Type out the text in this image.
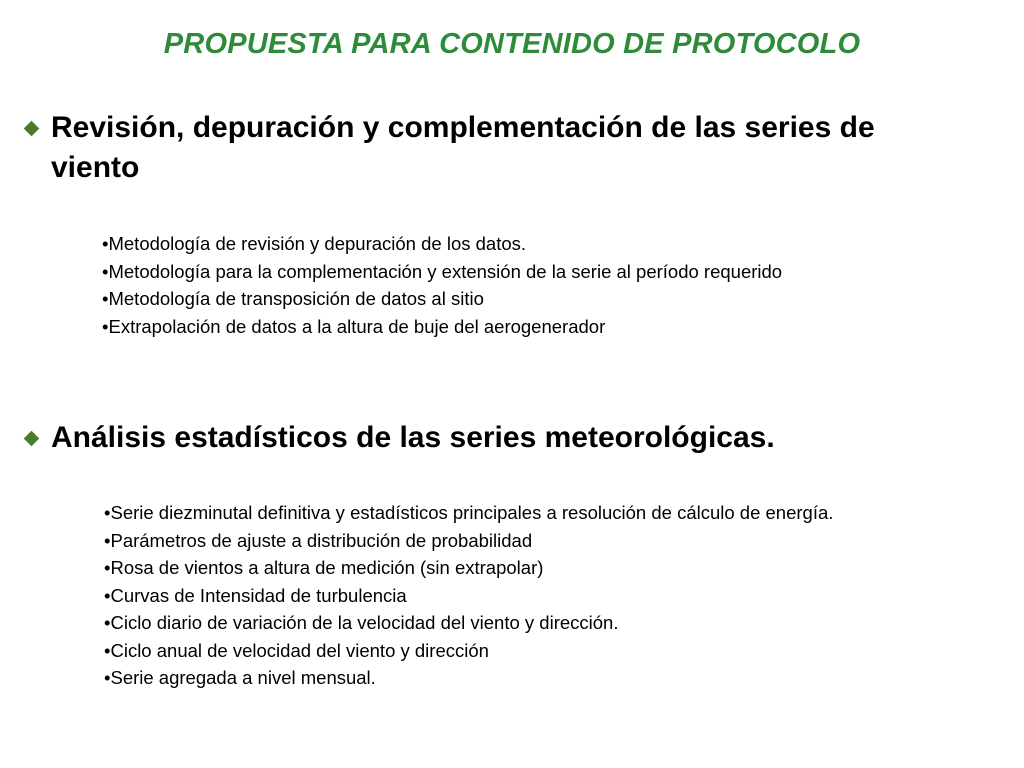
PROPUESTA PARA CONTENIDO DE PROTOCOLO
Revisión, depuración y complementación de las series de viento
•Metodología de revisión y depuración de los datos.
•Metodología para la complementación y extensión de la serie al período requerido
•Metodología de transposición de datos al sitio
•Extrapolación de datos a la altura de buje del aerogenerador
Análisis estadísticos de las series meteorológicas.
•Serie diezminutal definitiva y estadísticos principales a resolución de cálculo de energía.
•Parámetros de ajuste a distribución de probabilidad
•Rosa de vientos a altura de medición (sin extrapolar)
•Curvas de Intensidad de turbulencia
•Ciclo diario de variación de la velocidad del viento y dirección.
•Ciclo anual de velocidad del viento y dirección
•Serie agregada a nivel mensual.
